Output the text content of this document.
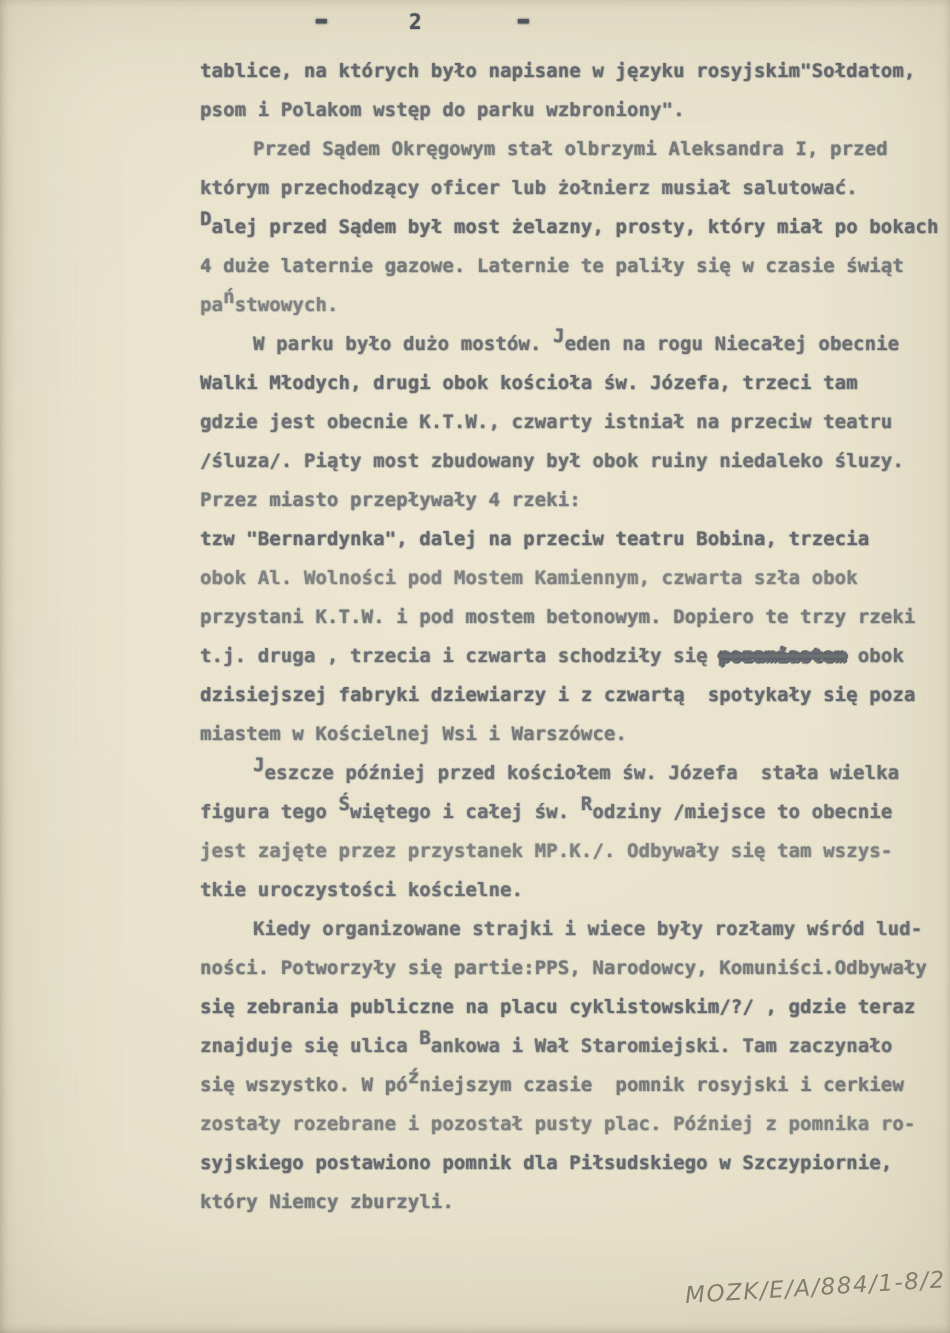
-	2	-
tablice, na których było napisane w języku rosyjskim"Sołdatom,
psom i Polakom wstęp do parku wzbroniony".
Przed Sądem Okręgowym stał olbrzymi Aleksandra I, przed
którym przechodzący oficer lub żołnierz musiał salutować.
Dalej przed Sądem był most żelazny, prosty, który miał po bokach
4 duże laternie gazowe. Laternie te paliły się w czasie świąt
państwowych.
W parku było dużo mostów. Jeden na rogu Niecałej obecnie
Walki Młodych, drugi obok kościoła św. Józefa, trzeci tam
gdzie jest obecnie K.T.W., czwarty istniał na przeciw teatru
/śluza/. Piąty most zbudowany był obok ruiny niedaleko śluzy.
Przez miasto przepływały 4 rzeki:
tzw "Bernardynka", dalej na przeciw teatru Bobina, trzecia
obok Al. Wolności pod Mostem Kamiennym, czwarta szła obok
przystani K.T.W. i pod mostem betonowym. Dopiero te trzy rzeki
t.j. druga , trzecia i czwarta schodziły się pozamiastem obok
dzisiejszej fabryki dziewiarzy i z czwartą  spotykały się poza
miastem w Kościelnej Wsi i Warszówce.
Jeszcze później przed kościołem św. Józefa  stała wielka
figura tego Świętego i całej św. Rodziny /miejsce to obecnie
jest zajęte przez przystanek MP.K./. Odbywały się tam wszys-
tkie uroczystości kościelne.
Kiedy organizowane strajki i wiece były rozłamy wśród lud-
ności. Potworzyły się partie:PPS, Narodowcy, Komuniści.Odbywały
się zebrania publiczne na placu cyklistowskim/?/ , gdzie teraz
znajduje się ulica Bankowa i Wał Staromiejski. Tam zaczynało
się wszystko. W późniejszym czasie  pomnik rosyjski i cerkiew
zostały rozebrane i pozostał pusty plac. Później z pomnika ro-
syjskiego postawiono pomnik dla Piłsudskiego w Szczypiornie,
który Niemcy zburzyli.
MOZK/E/A/884/1-8/2
